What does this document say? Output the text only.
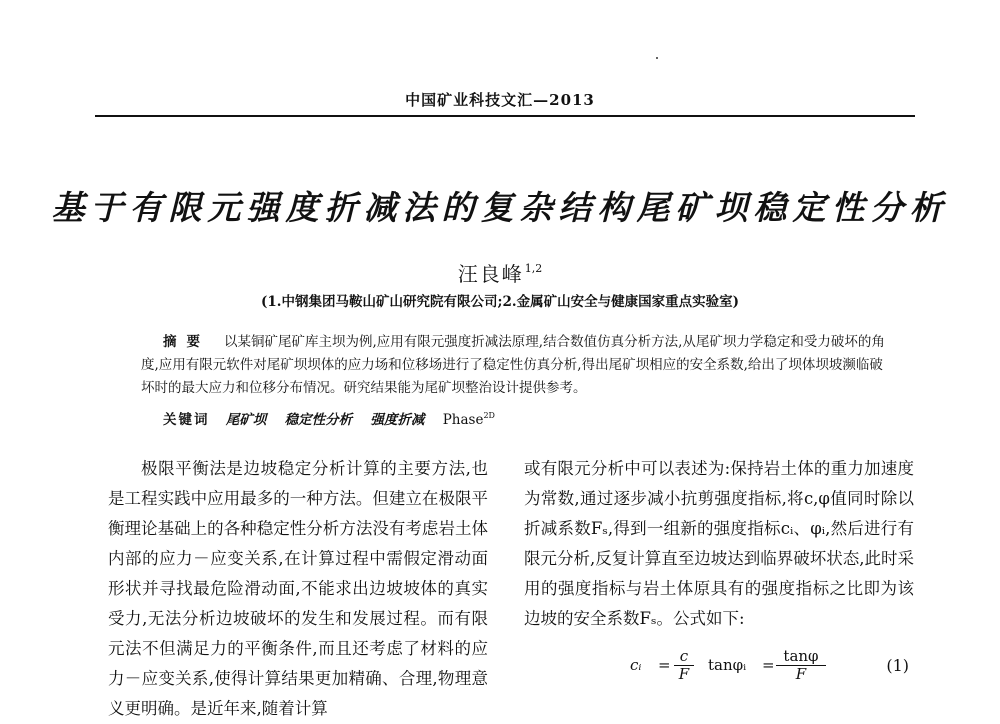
中国矿业科技文汇—2013
基于有限元强度折减法的复杂结构尾矿坝稳定性分析
汪良峰$^{1,2}$
(1.中钢集团马鞍山矿山研究院有限公司;2.金属矿山安全与健康国家重点实验室)
摘要 以某铜矿尾矿库主坝为例,应用有限元强度折减法原理,结合数值仿真分析方法,从尾矿坝力学稳定和受力破坏的角度,应用有限元软件对尾矿坝坝体的应力场和位移场进行了稳定性仿真分析,得出尾矿坝相应的安全系数,给出了坝体坝坡濒临破坏时的最大应力和位移分布情况。研究结果能为尾矿坝整治设计提供参考。
关键词 尾矿坝 稳定性分析 强度折减 Phase$^{2D}$

极限平衡法是边坡稳定分析计算的主要方法,也是工程实践中应用最多的一种方法。但建立在极限平衡理论基础上的各种稳定性分析方法没有考虑岩土体内部的应力－应变关系,在计算过程中需假定滑动面形状并寻找最危险滑动面,不能求出边坡坡体的真实受力,无法分析边坡破坏的发生和发展过程。而有限元法不但满足力的平衡条件,而且还考虑了材料的应力－应变关系,使得计算结果更加精确、合理,物理意义更明确。是近年来,随着计算

或有限元分析中可以表述为:保持岩土体的重力加速度为常数,通过逐步减小抗剪强度指标,将c,φ值同时除以折减系数Fₛ,得到一组新的强度指标cᵢ、φᵢ,然后进行有限元分析,反复计算直至边坡达到临界破坏状态,此时采用的强度指标与岩土体原具有的强度指标之比即为该边坡的安全系数Fₛ。公式如下:

cᵢ = c
F	tanφᵢ = tanφ
F	(1)
